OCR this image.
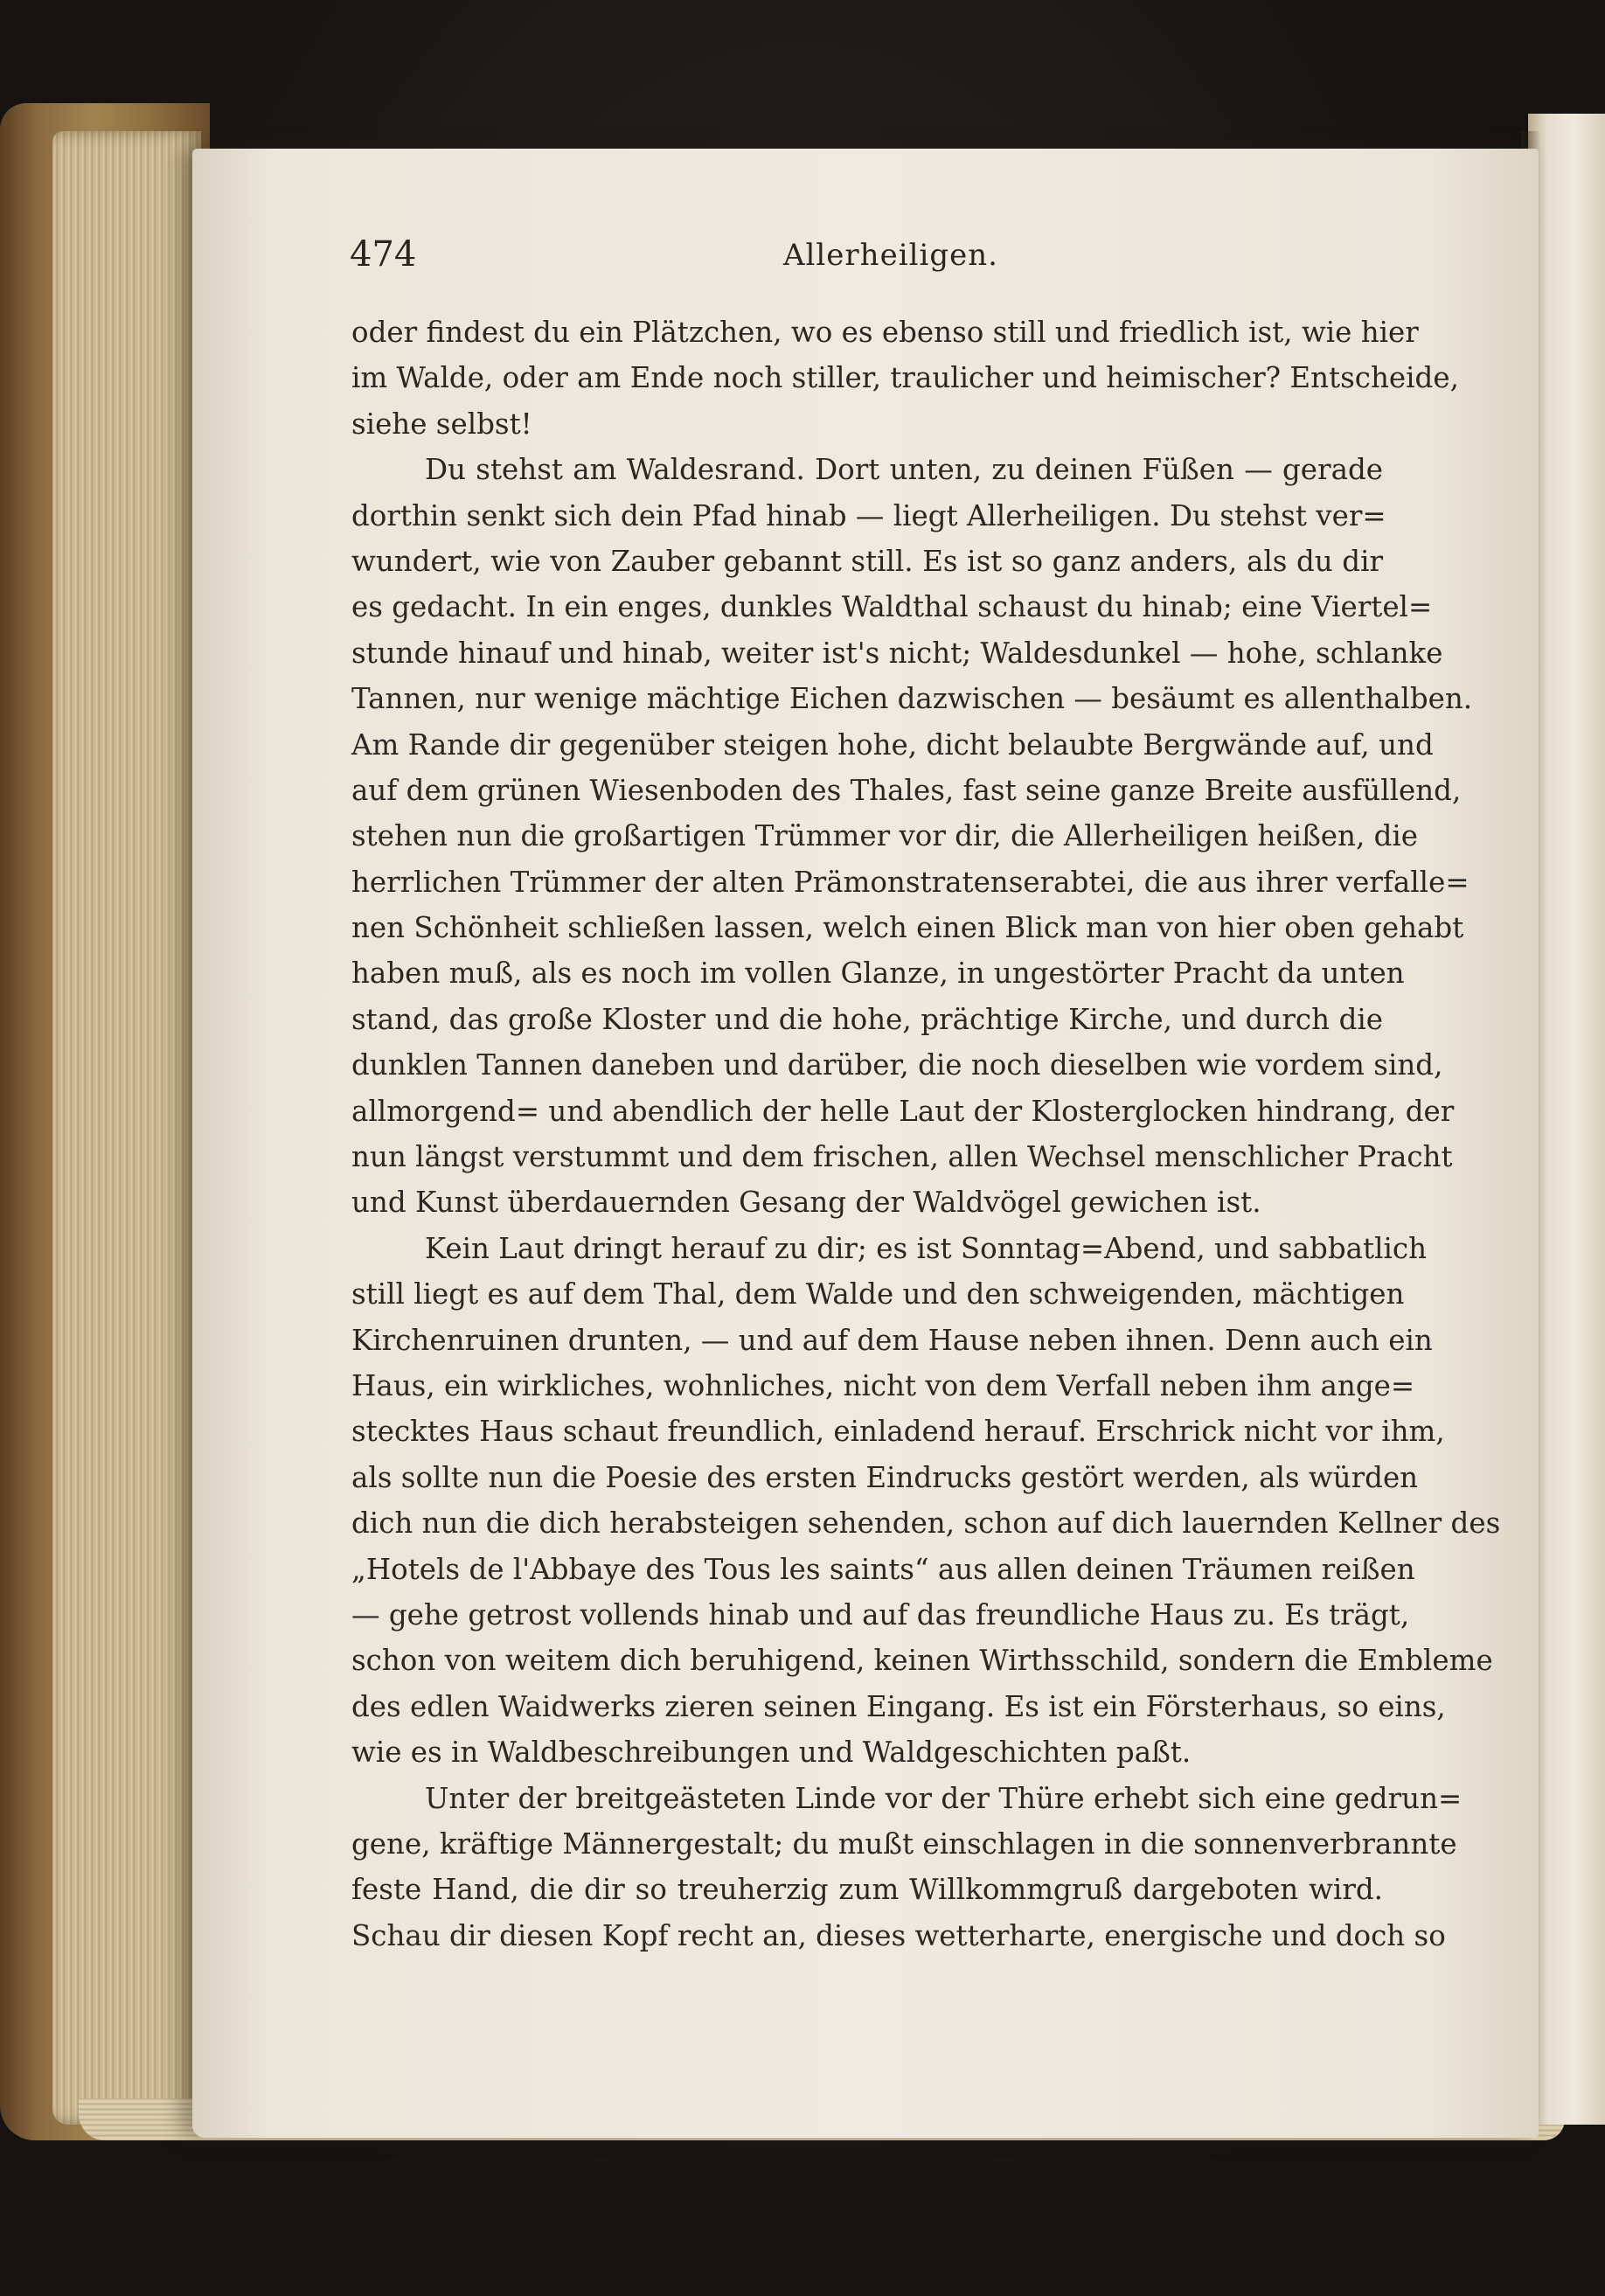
474	Allerheiligen.
oder findest du ein Plätzchen, wo es ebenso still und friedlich ist, wie hier
im Walde, oder am Ende noch stiller, traulicher und heimischer? Entscheide,
siehe selbst!
Du stehst am Waldesrand. Dort unten, zu deinen Füßen — gerade
dorthin senkt sich dein Pfad hinab — liegt Allerheiligen. Du stehst ver=
wundert, wie von Zauber gebannt still. Es ist so ganz anders, als du dir
es gedacht. In ein enges, dunkles Waldthal schaust du hinab; eine Viertel=
stunde hinauf und hinab, weiter ist's nicht; Waldesdunkel — hohe, schlanke
Tannen, nur wenige mächtige Eichen dazwischen — besäumt es allenthalben.
Am Rande dir gegenüber steigen hohe, dicht belaubte Bergwände auf, und
auf dem grünen Wiesenboden des Thales, fast seine ganze Breite ausfüllend,
stehen nun die großartigen Trümmer vor dir, die Allerheiligen heißen, die
herrlichen Trümmer der alten Prämonstratenserabtei, die aus ihrer verfalle=
nen Schönheit schließen lassen, welch einen Blick man von hier oben gehabt
haben muß, als es noch im vollen Glanze, in ungestörter Pracht da unten
stand, das große Kloster und die hohe, prächtige Kirche, und durch die
dunklen Tannen daneben und darüber, die noch dieselben wie vordem sind,
allmorgend= und abendlich der helle Laut der Klosterglocken hindrang, der
nun längst verstummt und dem frischen, allen Wechsel menschlicher Pracht
und Kunst überdauernden Gesang der Waldvögel gewichen ist.
Kein Laut dringt herauf zu dir; es ist Sonntag=Abend, und sabbatlich
still liegt es auf dem Thal, dem Walde und den schweigenden, mächtigen
Kirchenruinen drunten, — und auf dem Hause neben ihnen. Denn auch ein
Haus, ein wirkliches, wohnliches, nicht von dem Verfall neben ihm ange=
stecktes Haus schaut freundlich, einladend herauf. Erschrick nicht vor ihm,
als sollte nun die Poesie des ersten Eindrucks gestört werden, als würden
dich nun die dich herabsteigen sehenden, schon auf dich lauernden Kellner des
„Hotels de l'Abbaye des Tous les saints“ aus allen deinen Träumen reißen
— gehe getrost vollends hinab und auf das freundliche Haus zu. Es trägt,
schon von weitem dich beruhigend, keinen Wirthsschild, sondern die Embleme
des edlen Waidwerks zieren seinen Eingang. Es ist ein Försterhaus, so eins,
wie es in Waldbeschreibungen und Waldgeschichten paßt.
Unter der breitgeästeten Linde vor der Thüre erhebt sich eine gedrun=
gene, kräftige Männergestalt; du mußt einschlagen in die sonnenverbrannte
feste Hand, die dir so treuherzig zum Willkommgruß dargeboten wird.
Schau dir diesen Kopf recht an, dieses wetterharte, energische und doch so
